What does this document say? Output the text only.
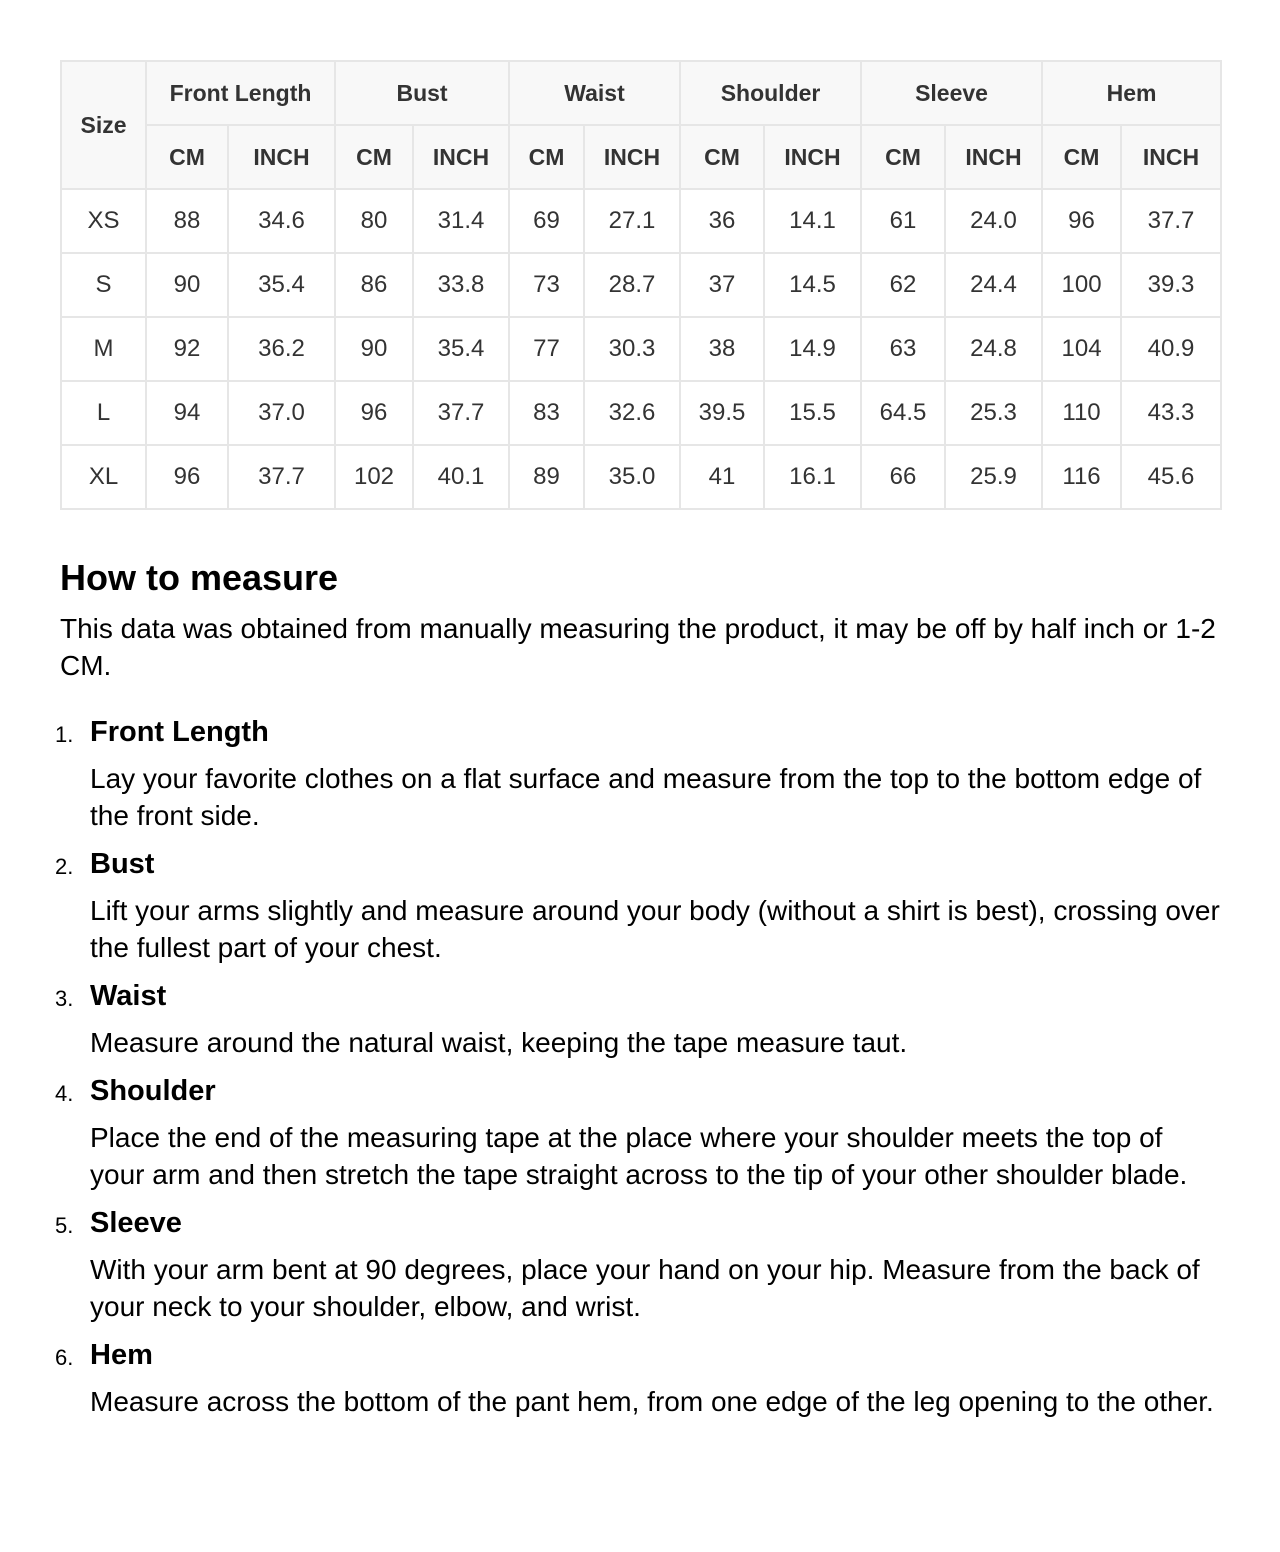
Size	Front Length		Bust		Waist		Shoulder		Sleeve		Hem	
	CM	INCH	CM	INCH	CM	INCH	CM	INCH	CM	INCH	CM	INCH
XS	88	34.6	80	31.4	69	27.1	36	14.1	61	24.0	96	37.7
S	90	35.4	86	33.8	73	28.7	37	14.5	62	24.4	100	39.3
M	92	36.2	90	35.4	77	30.3	38	14.9	63	24.8	104	40.9
L	94	37.0	96	37.7	83	32.6	39.5	15.5	64.5	25.3	110	43.3
XL	96	37.7	102	40.1	89	35.0	41	16.1	66	25.9	116	45.6
How to measure

This data was obtained from manually measuring the product, it may be off by half inch or 1-2 CM.

1. Front Length

Lay your favorite clothes on a flat surface and measure from the top to the bottom edge of the front side.

2. Bust

Lift your arms slightly and measure around your body (without a shirt is best), crossing over the fullest part of your chest.

3. Waist

Measure around the natural waist, keeping the tape measure taut.

4. Shoulder

Place the end of the measuring tape at the place where your shoulder meets the top of your arm and then stretch the tape straight across to the tip of your other shoulder blade.

5. Sleeve

With your arm bent at 90 degrees, place your hand on your hip. Measure from the back of your neck to your shoulder, elbow, and wrist.

6. Hem

Measure across the bottom of the pant hem, from one edge of the leg opening to the other.
